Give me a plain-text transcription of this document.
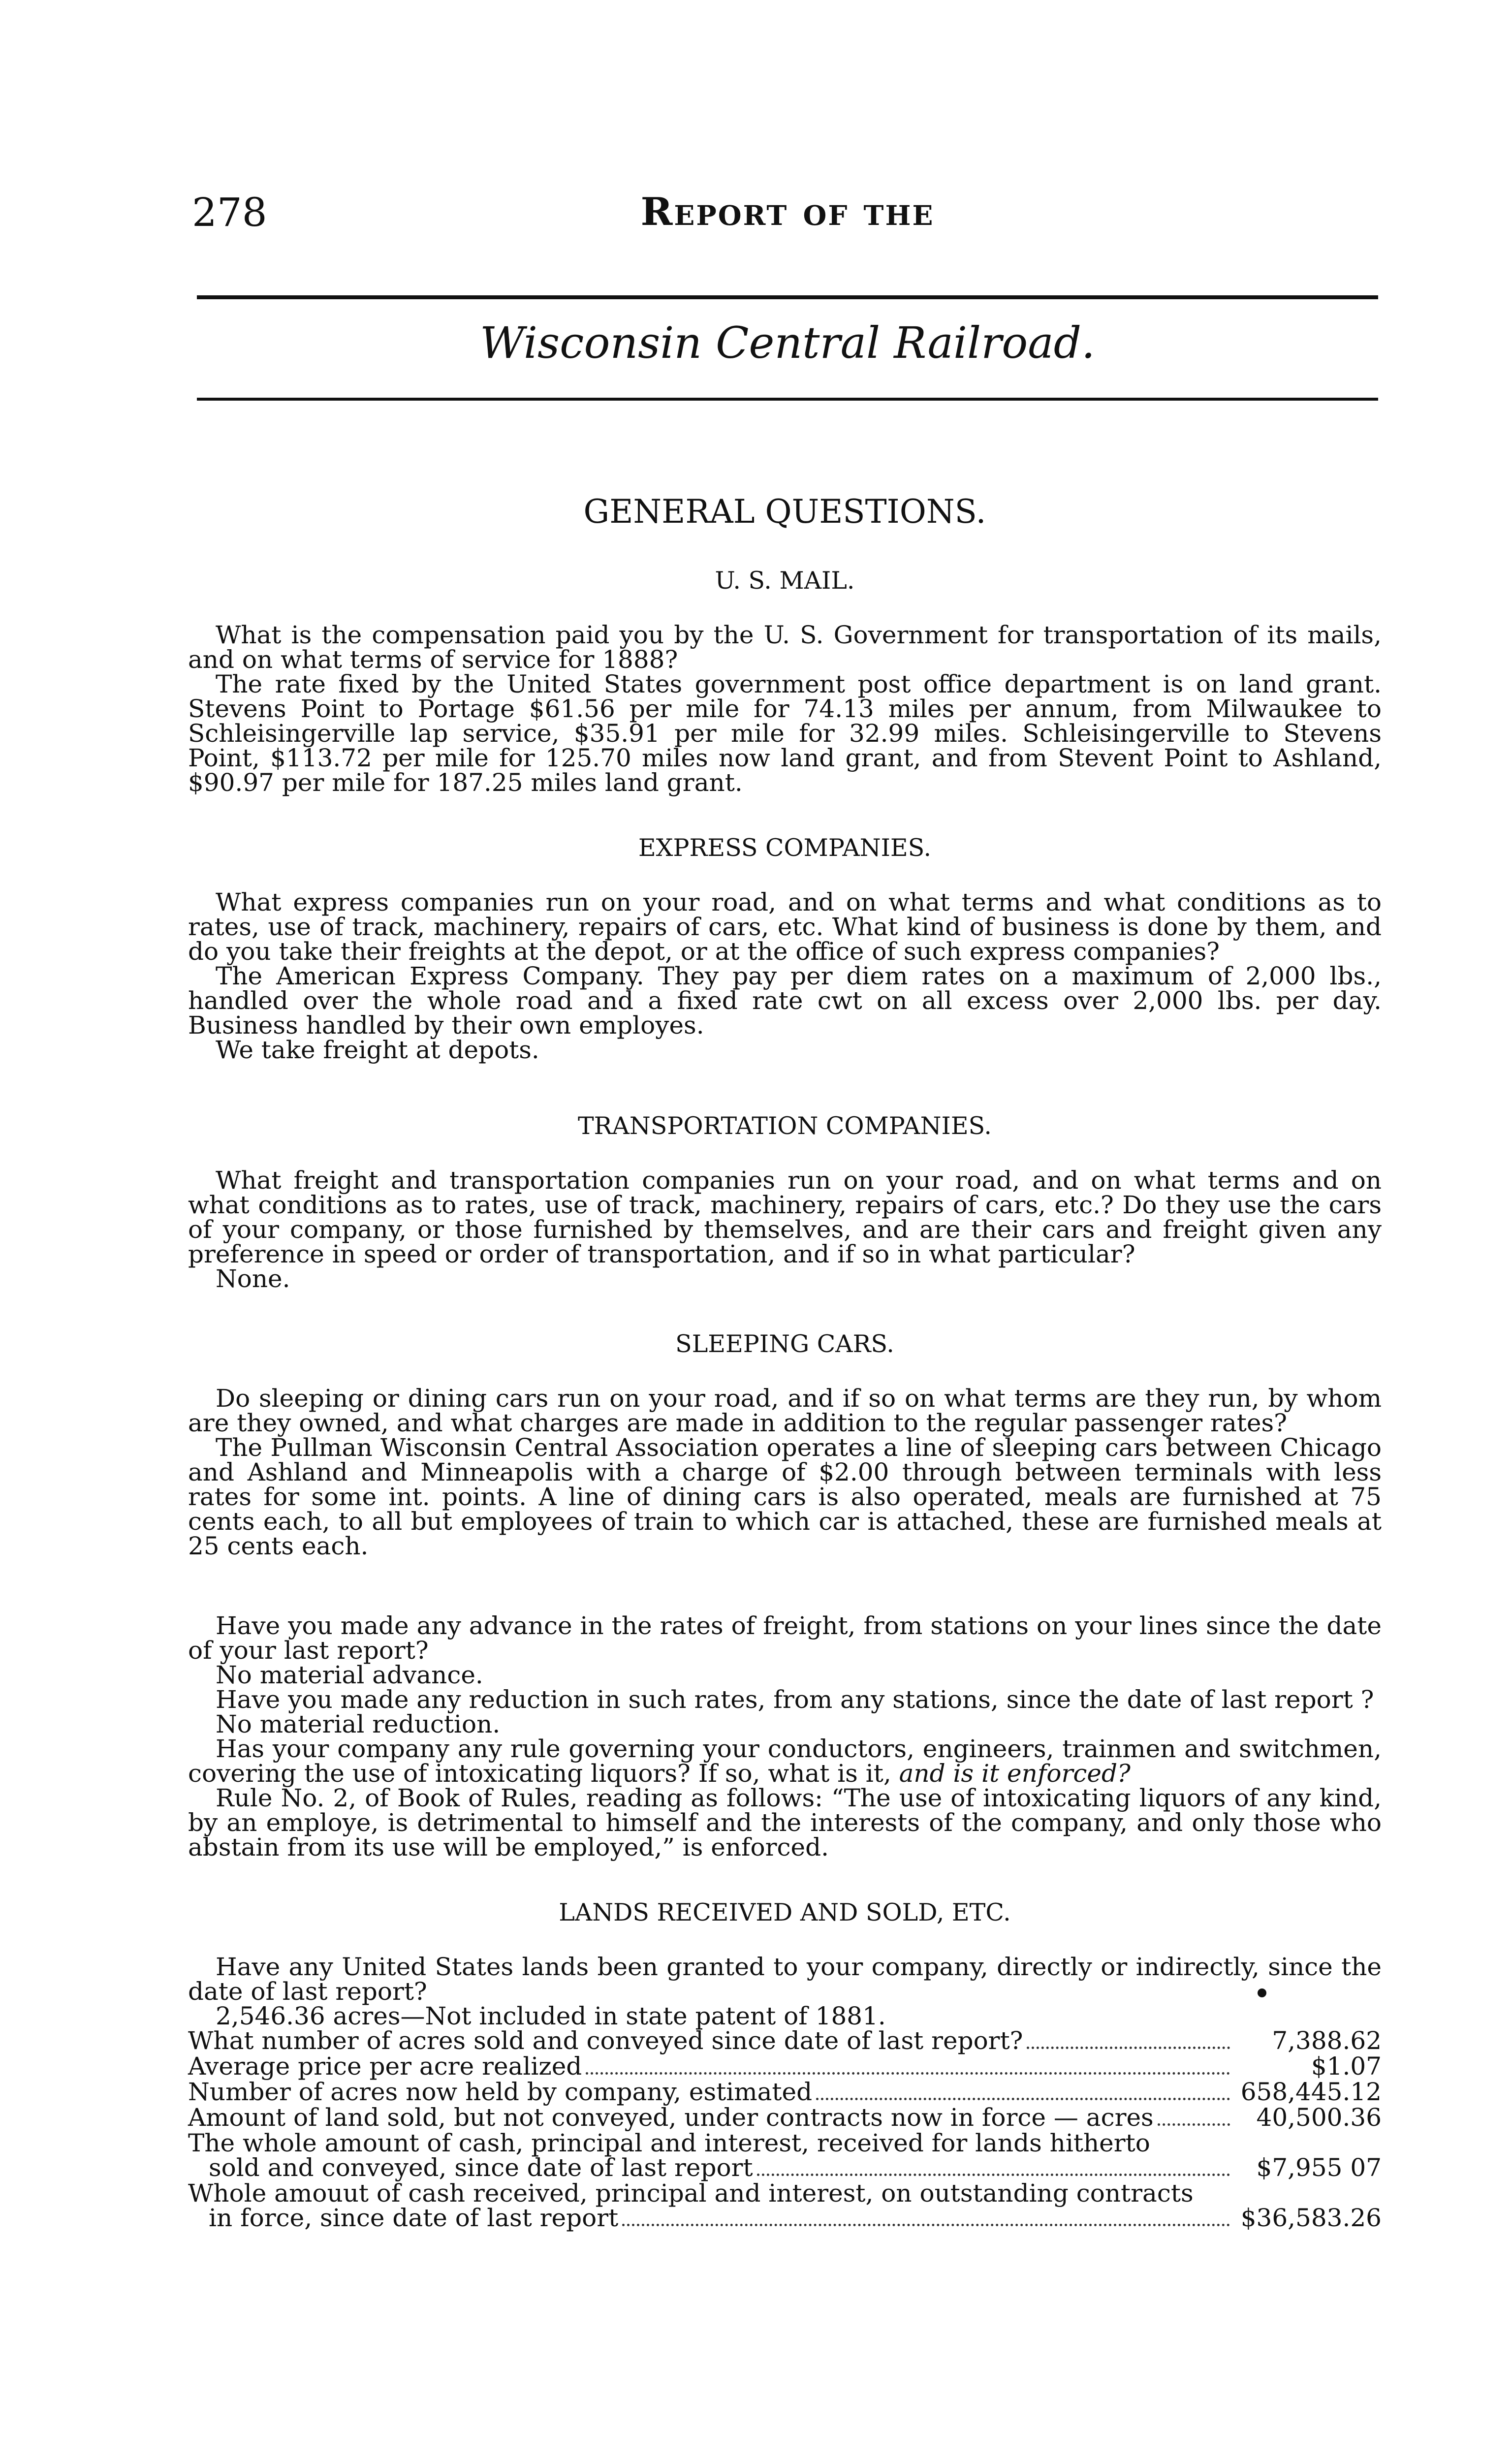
278	Report of the
Wisconsin Central Railroad.
GENERAL QUESTIONS.
U. S. MAIL.

What is the compensation paid you by the U. S. Government for transportation of its mails, and on what terms of service for 1888?

The rate fixed by the United States government post office department is on land grant. Stevens Point to Portage $61.56 per mile for 74.13 miles per annum, from Milwaukee to Schleisingerville lap service, $35.91 per mile for 32.99 miles. Schleisingerville to Stevens Point, $113.72 per mile for 125.70 miles now land grant, and from Stevent Point to Ashland, $90.97 per mile for 187.25 miles land grant.

EXPRESS COMPANIES.

What express companies run on your road, and on what terms and what conditions as to rates, use of track, machinery, repairs of cars, etc. What kind of business is done by them, and do you take their freights at the depot, or at the office of such express companies?

The American Express Company. They pay per diem rates on a maximum of 2,000 lbs., handled over the whole road and a fixed rate cwt on all excess over 2,000 lbs. per day. Business handled by their own employes.

We take freight at depots.

TRANSPORTATION COMPANIES.

What freight and transportation companies run on your road, and on what terms and on what conditions as to rates, use of track, machinery, repairs of cars, etc.? Do they use the cars of your company, or those furnished by themselves, and are their cars and freight given any preference in speed or order of transportation, and if so in what particular?

None.

SLEEPING CARS.

Do sleeping or dining cars run on your road, and if so on what terms are they run, by whom are they owned, and what charges are made in addition to the regular passenger rates?

The Pullman Wisconsin Central Association operates a line of sleeping cars between Chicago and Ashland and Minneapolis with a charge of $2.00 through between terminals with less rates for some int. points. A line of dining cars is also operated, meals are furnished at 75 cents each, to all but employees of train to which car is attached, these are furnished meals at 25 cents each.

Have you made any advance in the rates of freight, from stations on your lines since the date of your last report?

No material advance.

Have you made any reduction in such rates, from any stations, since the date of last report ?

No material reduction.

Has your company any rule governing your conductors, engineers, trainmen and switchmen, covering the use of intoxicating liquors? If so, what is it, and is it enforced?

Rule No. 2, of Book of Rules, reading as follows: “The use of intoxicating liquors of any kind, by an employe, is detrimental to himself and the interests of the company, and only those who abstain from its use will be employed,” is enforced.

LANDS RECEIVED AND SOLD, ETC.

Have any United States lands been granted to your company, directly or indirectly, since the date of last report?

2,546.36 acres—Not included in state patent of 1881.

What number of acres sold and conveyed since date of last report?	7,388.62
Average price per acre realized	$1.07
Number of acres now held by company, estimated	658,445.12
Amount of land sold, but not conveyed, under contracts now in force — acres	40,500.36
The whole amount of cash, principal and interest, received for lands hitherto
sold and conveyed, since date of last report	$7,955 07
Whole amouut of cash received, principal and interest, on outstanding contracts
in force, since date of last report	$36,583.26
